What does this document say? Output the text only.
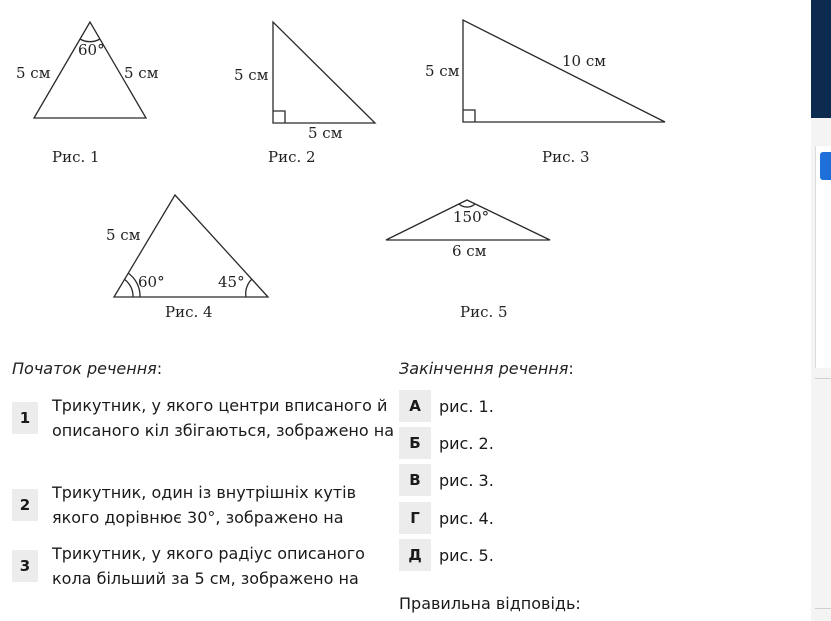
60°
5 см	5 см
Рис. 1
5 см
5 см
Рис. 2
5 см
10 см
Рис. 3
5 см
60°	45°
Рис. 4
150°
6 см
Рис. 5
Початок речення:	Закінчення речення:
1
Трикутник, у якого центри вписаного й описаного кіл збігаються, зображено на
2
Трикутник, один із внутрішніх кутів якого дорівнює 30°, зображено на
3
Трикутник, у якого радіус описаного кола більший за 5 см, зображено на
А	рис. 1.
Б	рис. 2.
В	рис. 3.
Г	рис. 4.
Д	рис. 5.
Правильна відповідь:
